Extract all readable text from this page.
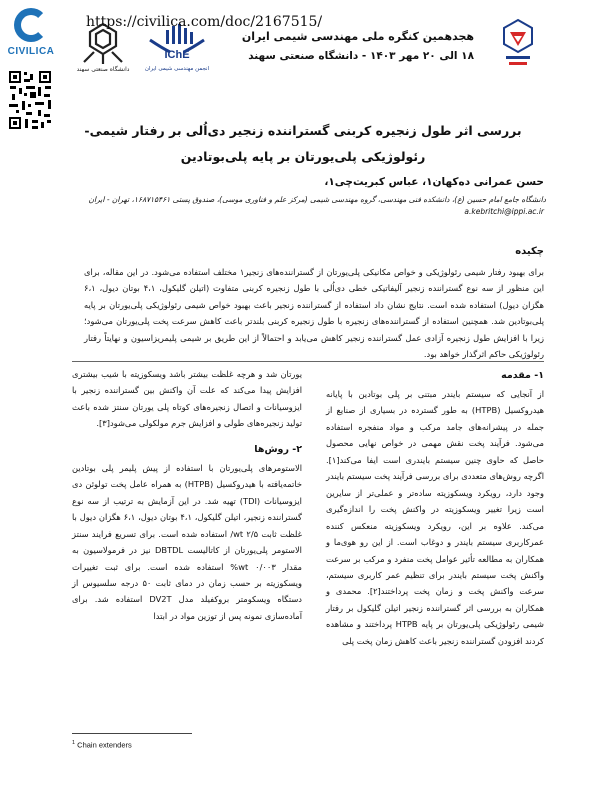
CIVILICA
دانشگاه صنعتی سهند
IChE
انجمن مهندسی شیمی ایران
https://civilica.com/doc/2167515/
هجدهمین کنگره ملی مهندسی شیمی ایران
۱۸ الی ۲۰ مهر ۱۴۰۳ - دانشگاه صنعتی سهند
بررسی اثر طول زنجیره کربنی گسترانندە زنجیر دی‌اُلی بر رفتار شیمی-رئولوژیکی پلی‌یورتان بر پایه پلی‌بوتادین
حسن عمرانی ده‌کهان۱، عباس کبریت‌چی۱،
دانشگاه جامع امام حسین (ع)، دانشکده فنی مهندسی، گروه مهندسی شیمی (مرکز علم و فناوری موسی)، صندوق پستی ۱۶۸۷۱۵۴۶۱، تهران - ایران
a.kebritchi@ippi.ac.ir
چکیده
برای بهبود رفتار شیمی رئولوژیکی و خواص مکانیکی پلی‌یورتان از گسترانندەهای زنجیر۱ مختلف استفاده می‌شود. در این مقاله، برای این منظور از سه نوع گسترانندە زنجیر آلیفاتیکی خطی دی‌اُلی با طول زنجیره کربنی متفاوت (اتیلن گلیکول، ۴،۱ بوتان دیول، ۶،۱ هگزان دیول) استفاده شده است. نتایج نشان داد استفاده از گسترانندە زنجیر باعث بهبود خواص شیمی رئولوژیکی پلی‌یورتان بر پایه پلی‌بوتادین شد. همچنین استفاده از گسترانندەهای زنجیره با طول زنجیره کربنی بلندتر باعث کاهش سرعت پخت پلی‌یورتان می‌شود؛ زیرا با افزایش طول زنجیره آزادی عمل گسترانندە زنجیر کاهش می‌یابد و احتمالاً از این طریق بر شیمی پلیمریزاسیون و نهایتاً رفتار رئولوژیکی حاکم اثرگذار خواهد بود.
۱- مقدمه
از آنجایی که سیستم بایندر مبتنی بر پلی بوتادین با پایانه هیدروکسیل (HTPB) به طور گسترده در بسیاری از صنایع از جمله در پیشرانەهای جامد مرکب و مواد منفجره استفاده می‌شود. فرآیند پخت نقش مهمی در خواص نهایی محصول حاصل که حاوی چنین سیستم بایندری است ایفا می‌کند[۱]. اگرچه روش‌های متعددی برای بررسی فرآیند پخت سیستم بایندر وجود دارد، رویکرد ویسکوزیته ساده‌تر و عملی‌تر از سایرین است زیرا تغییر ویسکوزیته در واکنش پخت را اندازه‌گیری می‌کند. علاوه بر این، رویکرد ویسکوزیته منعکس کننده عمرکاربری سیستم بایندر و دوغاب است. از این رو هوی‌ما و همکاران به مطالعه تأثیر عوامل پخت منفرد و مرکب بر سرعت واکنش پخت سیستم بایندر برای تنظیم عمر کاربری سیستم، سرعت واکنش پخت و زمان پخت پرداختند[۲]. محمدی و همکاران به بررسی اثر گسترانندە زنجیر اتیلن گلیکول بر رفتار شیمی رئولوژیکی پلی‌یورتان بر پایه HTPB پرداختند و مشاهده کردند افزودن گسترانندە زنجیر باعث کاهش زمان پخت پلی
یورتان شد و هرچه غلظت بیشتر باشد ویسکوزیته با شیب بیشتری افزایش پیدا می‌کند که علت آن واکنش بین گسترانندە زنجیر با ایزوسیانات و اتصال زنجیرەهای کوتاه پلی یورتان سنتز شده باعث تولید زنجیرەهای طولی و افزایش جرم مولکولی می‌شود[۳].
۲- روش‌ها
الاستومرهای پلی‌یورتان با استفاده از پیش پلیمر پلی بوتادین خاتمه‌یافته با هیدروکسیل (HTPB) به همراه عامل پخت تولوئن دی ایزوسیانات (TDI) تهیه شد. در این آزمایش به ترتیب از سه نوع گسترانندە زنجیر، اتیلن گلیکول، ۴،۱ بوتان دیول، ۶،۱ هگزان دیول با غلظت ثابت ۲/۵ wt/ استفاده شده است. برای تسریع فرایند سنتز الاستومر پلی‌یورتان از کاتالیست DBTDL نیز در فرمولاسیون به مقدار ۰/۰۰۳ wt% استفاده شده است. برای ثبت تغییرات ویسکوزیته بر حسب زمان در دمای ثابت ۵۰ درجه سلسیوس از دستگاه ویسکومتر بروکفیلد مدل DV2T استفاده شد. برای آماده‌سازی نمونه پس از توزین مواد در ابتدا
$^1$ Chain extenders
